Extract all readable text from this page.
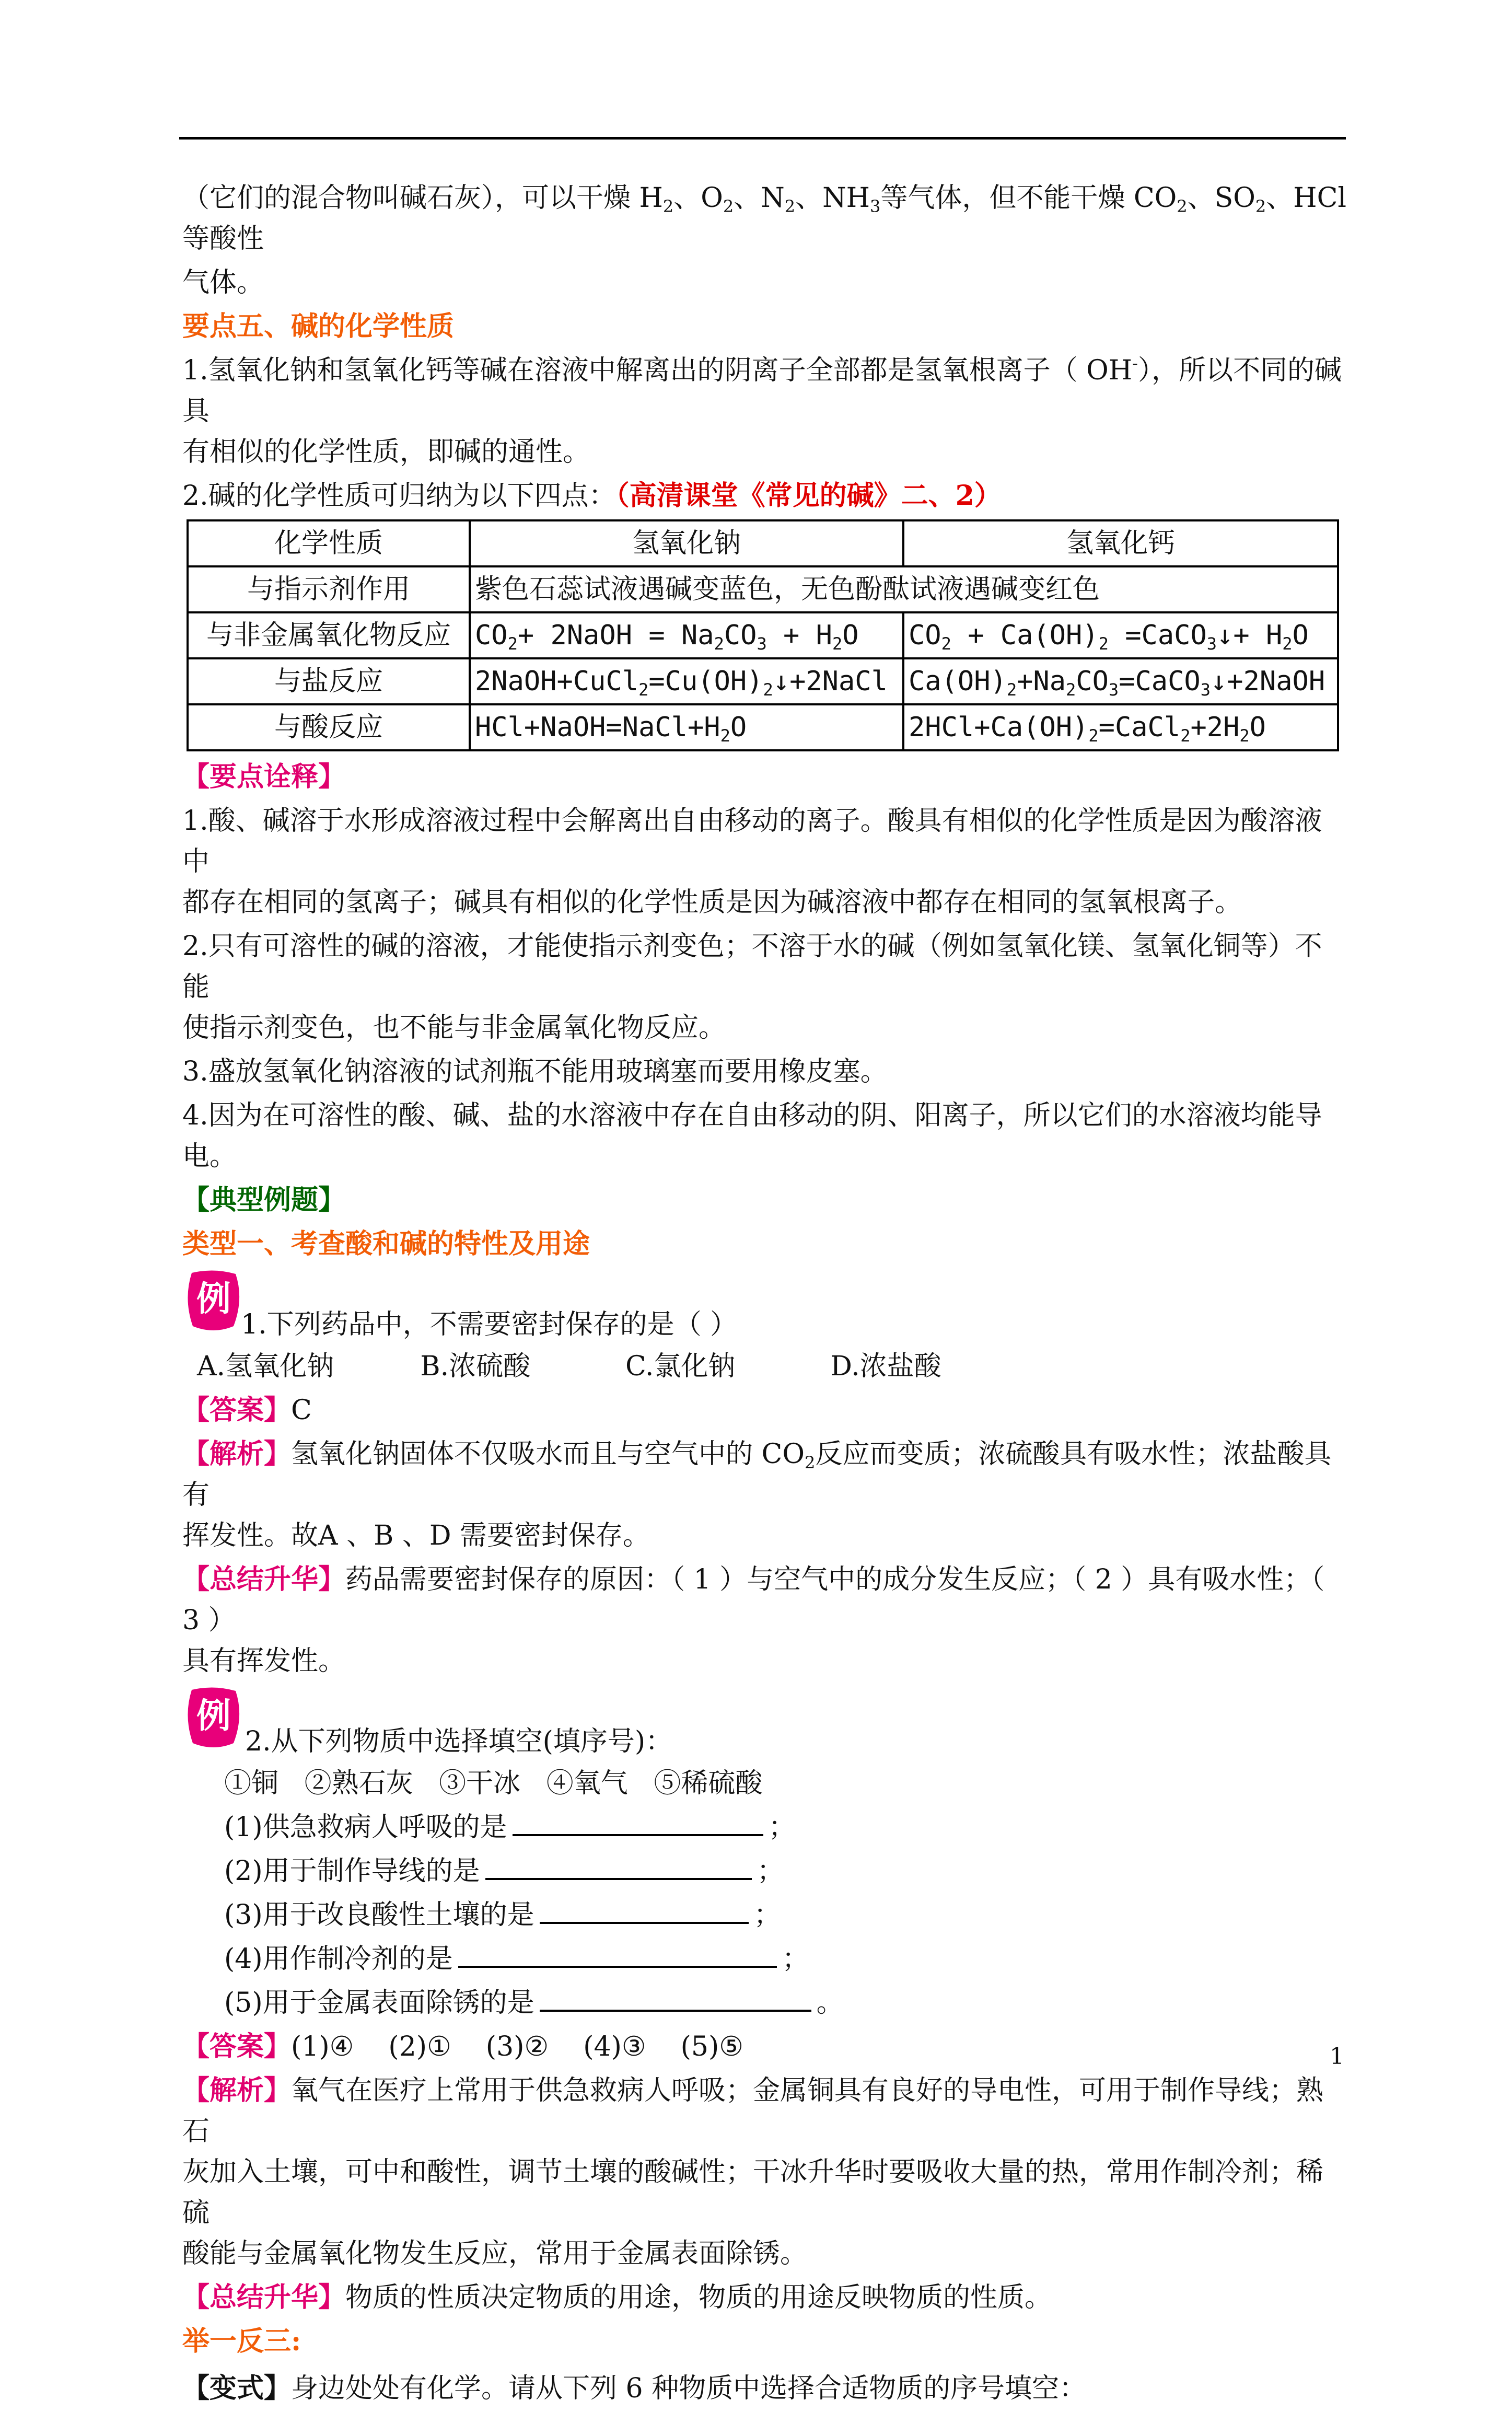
（它们的混合物叫碱石灰），可以干燥 $H_2$、$O_2$、$N_2$、$NH_3$等气体，但不能干燥 $CO_2$、$SO_2$、HCl 等酸性
气体。
要点五、碱的化学性质
1.氢氧化钠和氢氧化钙等碱在溶液中解离出的阴离子全部都是氢氧根离子（ OH-），所以不同的碱具
有相似的化学性质，即碱的通性。
2.碱的化学性质可归纳为以下四点：（高清课堂《常见的碱》二、2）
化学性质	氢氧化钠	氢氧化钙
与指示剂作用	紫色石蕊试液遇碱变蓝色，无色酚酞试液遇碱变红色	
与非金属氧化物反应	$CO_2+$ 2NaOH = $Na_2CO_3 + H_2O$	$CO_2 + Ca(OH)_2$ =CaCO$_3$↓+ $H_2O$
与盐反应	$2NaOH+CuCl_2=Cu(OH)_2↓+2NaCl$	$Ca(OH)_2+Na_2CO_3=CaCO_3↓+2NaOH$
与酸反应	$HCl+NaOH=NaCl+H_2O$	$2HCl+Ca(OH)_2=CaCl_2+2H_2O$
【要点诠释】
1.酸、碱溶于水形成溶液过程中会解离出自由移动的离子。酸具有相似的化学性质是因为酸溶液中
都存在相同的氢离子；碱具有相似的化学性质是因为碱溶液中都存在相同的氢氧根离子。
2.只有可溶性的碱的溶液，才能使指示剂变色；不溶于水的碱（例如氢氧化镁、氢氧化铜等）不能
使指示剂变色，也不能与非金属氧化物反应。
3.盛放氢氧化钠溶液的试剂瓶不能用玻璃塞而要用橡皮塞。
4.因为在可溶性的酸、碱、盐的水溶液中存在自由移动的阴、阳离子，所以它们的水溶液均能导电。
【典型例题】
类型一、考查酸和碱的特性及用途
例
1.下列药品中，不需要密封保存的是（ ）
A.氢氧化钠          B.浓硫酸           C.氯化钠           D.浓盐酸
【答案】C
【解析】氢氧化钠固体不仅吸水而且与空气中的 $CO_2$反应而变质；浓硫酸具有吸水性；浓盐酸具有
挥发性。故A 、B 、D 需要密封保存。
【总结升华】药品需要密封保存的原因：（ 1 ）与空气中的成分发生反应；（ 2 ）具有吸水性；（ 3 ）
具有挥发性。
例
2.从下列物质中选择填空(填序号)：
①铜   ②熟石灰   ③干冰   ④氧气   ⑤稀硫酸
(1)供急救病人呼吸的是	；
(2)用于制作导线的是	；
(3)用于改良酸性土壤的是	；
(4)用作制冷剂的是	；
(5)用于金属表面除锈的是	。
【答案】(1)④    (2)①    (3)②    (4)③    (5)⑤
【解析】氧气在医疗上常用于供急救病人呼吸；金属铜具有良好的导电性，可用于制作导线；熟石
灰加入土壤，可中和酸性，调节土壤的酸碱性；干冰升华时要吸收大量的热，常用作制冷剂；稀硫
酸能与金属氧化物发生反应，常用于金属表面除锈。
【总结升华】物质的性质决定物质的用途，物质的用途反映物质的性质。
举一反三:
【变式】身边处处有化学。请从下列 6 种物质中选择合适物质的序号填空：
1
